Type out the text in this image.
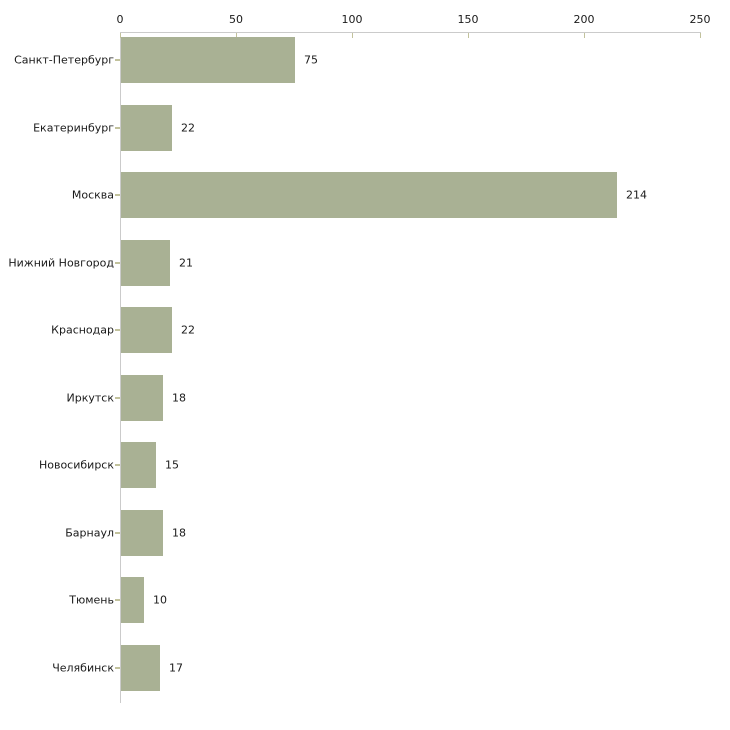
0	50	100	150	200	250
Санкт-Петербург	75
Екатеринбург	22
Москва	214
Нижний Новгород	21
Краснодар	22
Иркутск	18
Новосибирск	15
Барнаул	18
Тюмень	10
Челябинск	17
